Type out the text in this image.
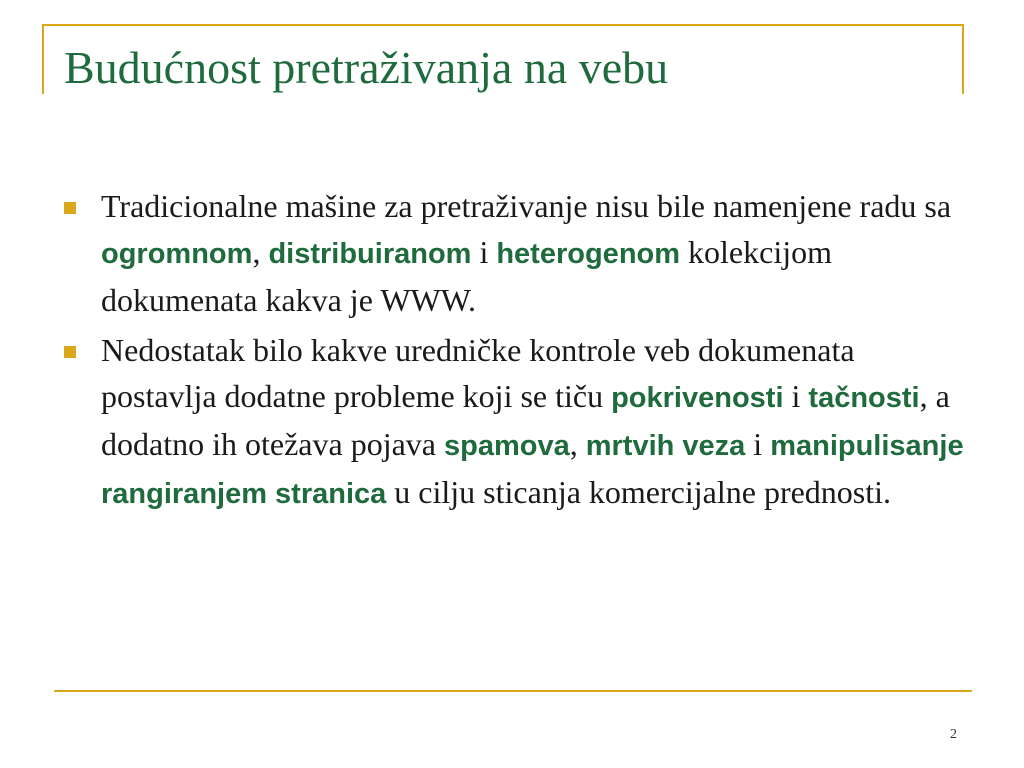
Budućnost pretraživanja na vebu
Tradicionalne mašine za pretraživanje nisu bile namenjene radu sa ogromnom, distribuiranom i heterogenom kolekcijom dokumenata kakva je WWW.
Nedostatak bilo kakve uredničke kontrole veb dokumenata postavlja dodatne probleme koji se tiču pokrivenosti i tačnosti, a dodatno ih otežava pojava spamova, mrtvih veza i manipulisanje rangiranjem stranica u cilju sticanja komercijalne prednosti.
2
